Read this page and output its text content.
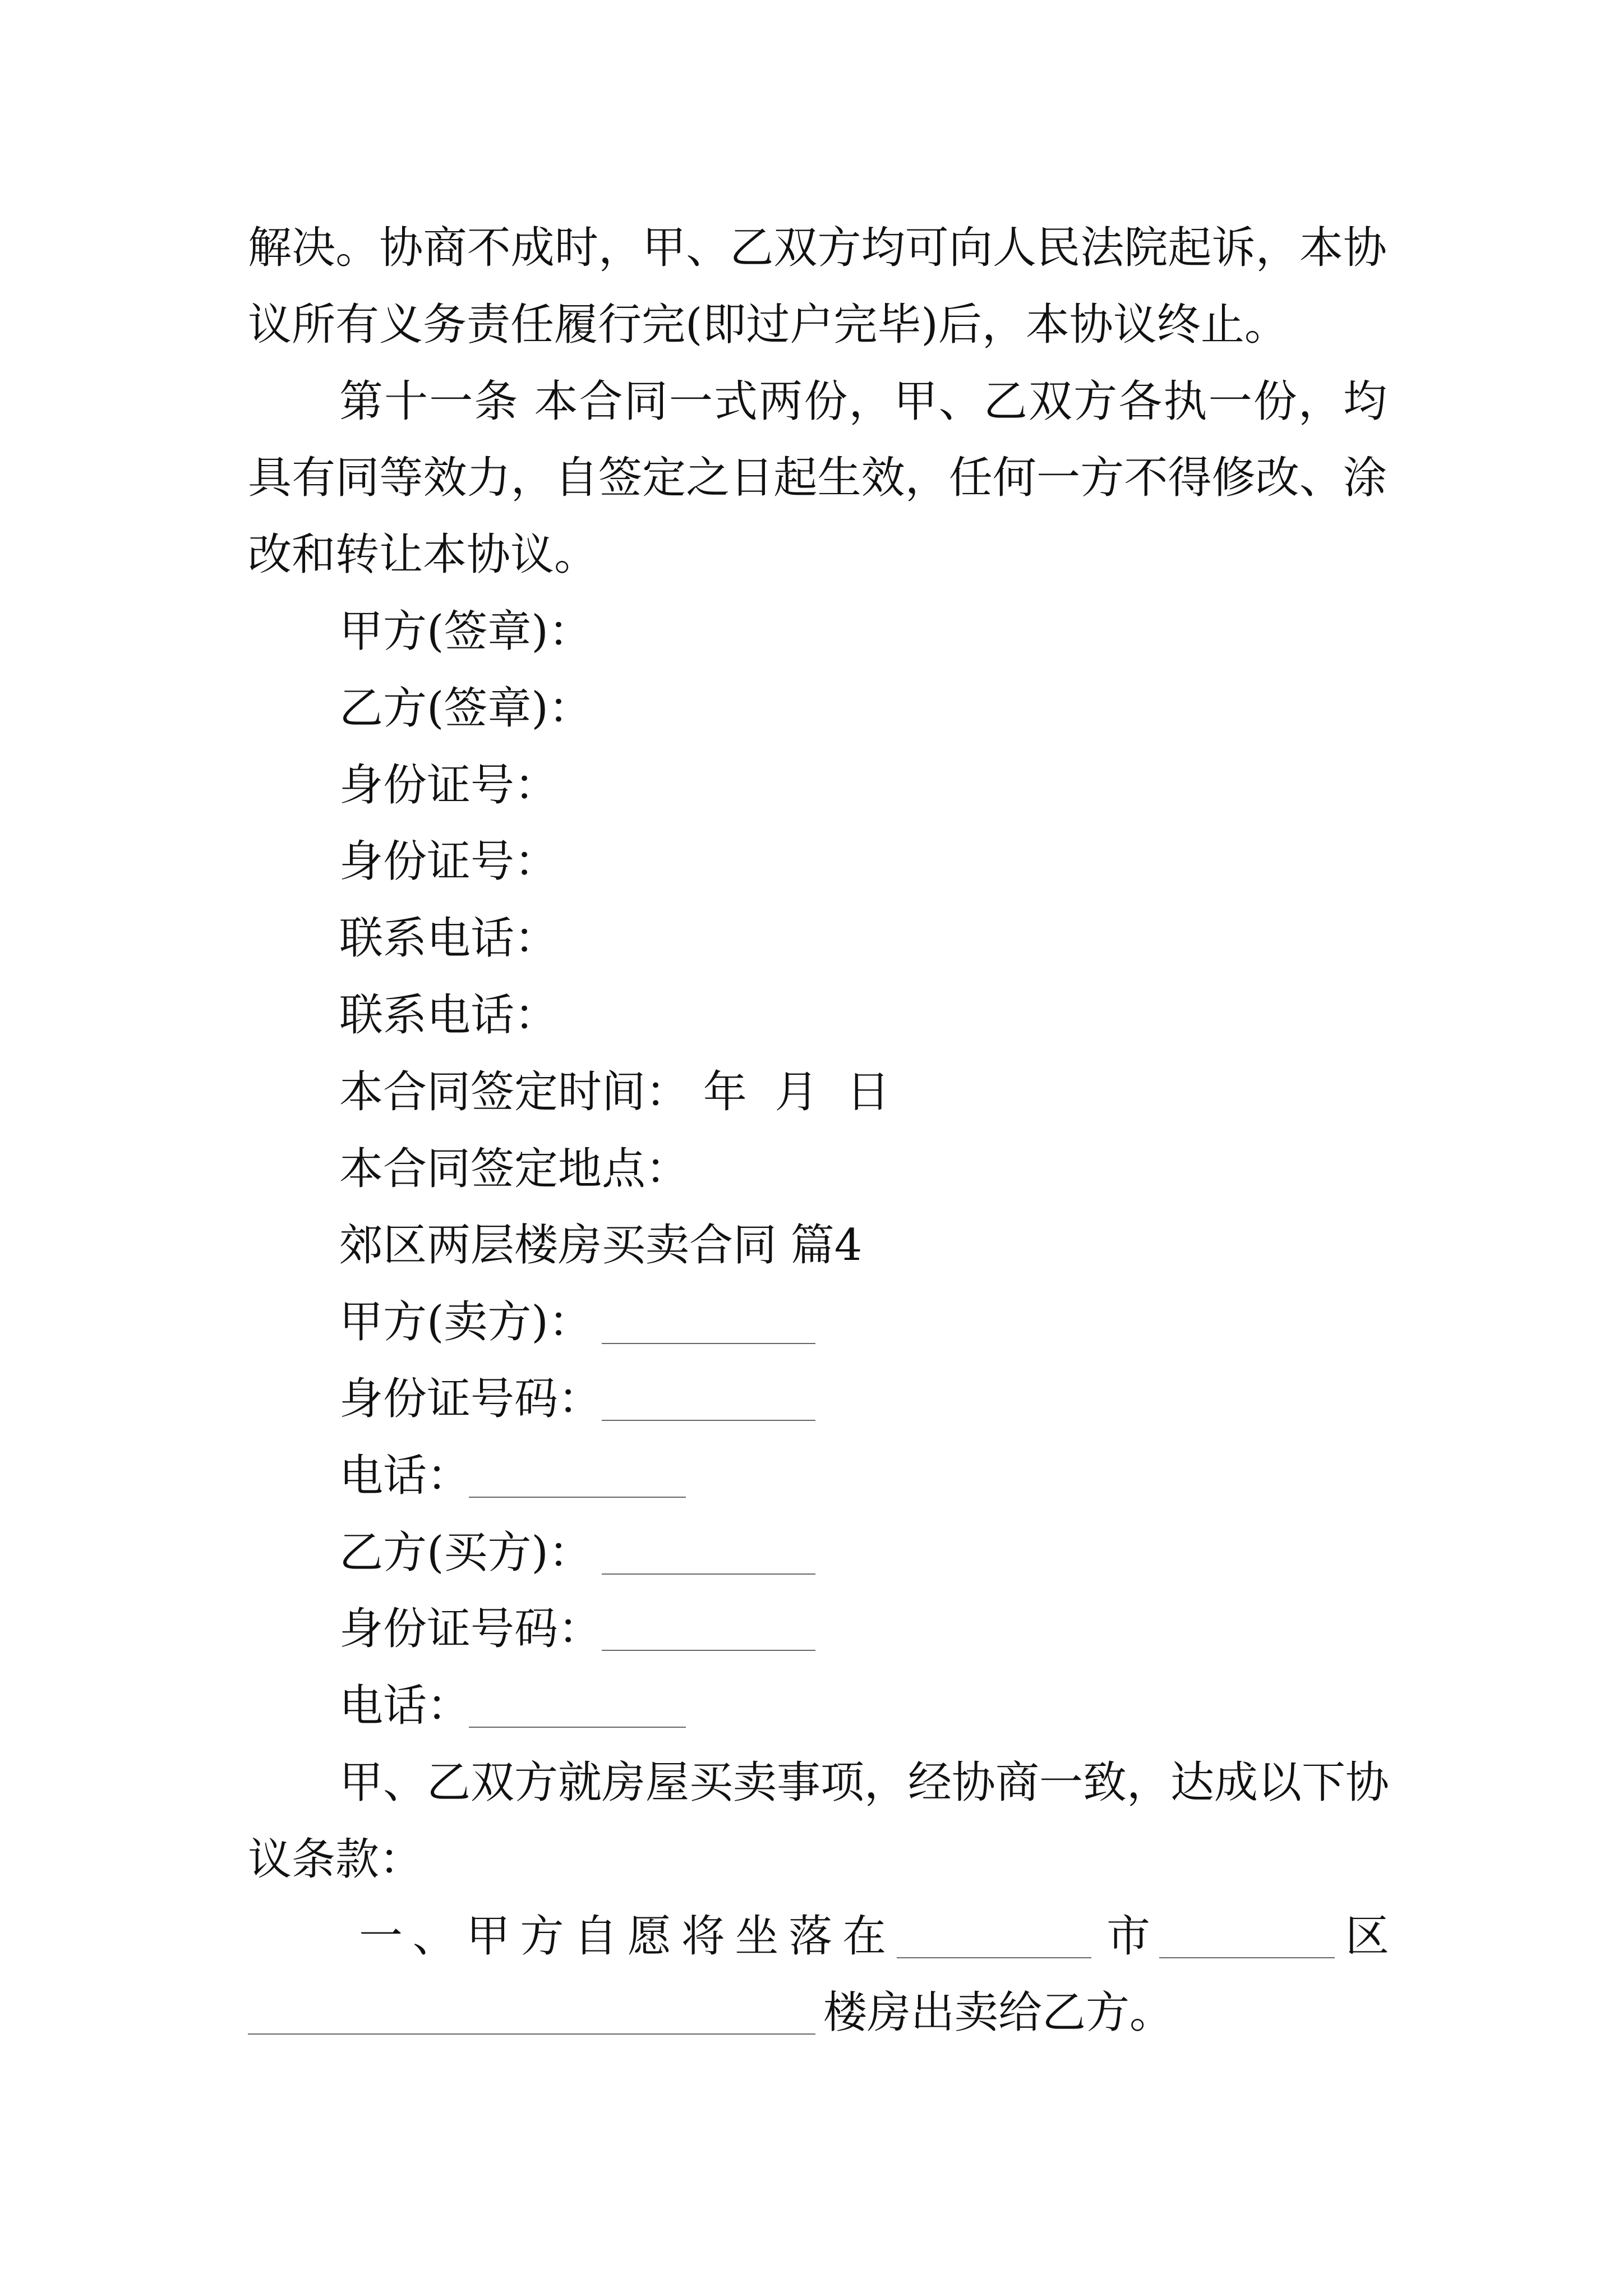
解决。协商不成时，甲、乙双方均可向人民法院起诉，本协
议所有义务责任履行完(即过户完毕)后，本协议终止。
第十一条 本合同一式两份，甲、乙双方各执一份，均
具有同等效力，自签定之日起生效，任何一方不得修改、涂
改和转让本协议。
甲方(签章)：
乙方(签章)：
身份证号：
身份证号：
联系电话：
联系电话：
本合同签定时间： 年  月  日
本合同签定地点：
郊区两层楼房买卖合同 篇4
甲方(卖方)：
身份证号码：
电话：
乙方(买方)：
身份证号码：
电话：
甲、乙双方就房屋买卖事项，经协商一致，达成以下协
议条款：
一、甲方自愿将坐落在	市	区
楼房出卖给乙方。
